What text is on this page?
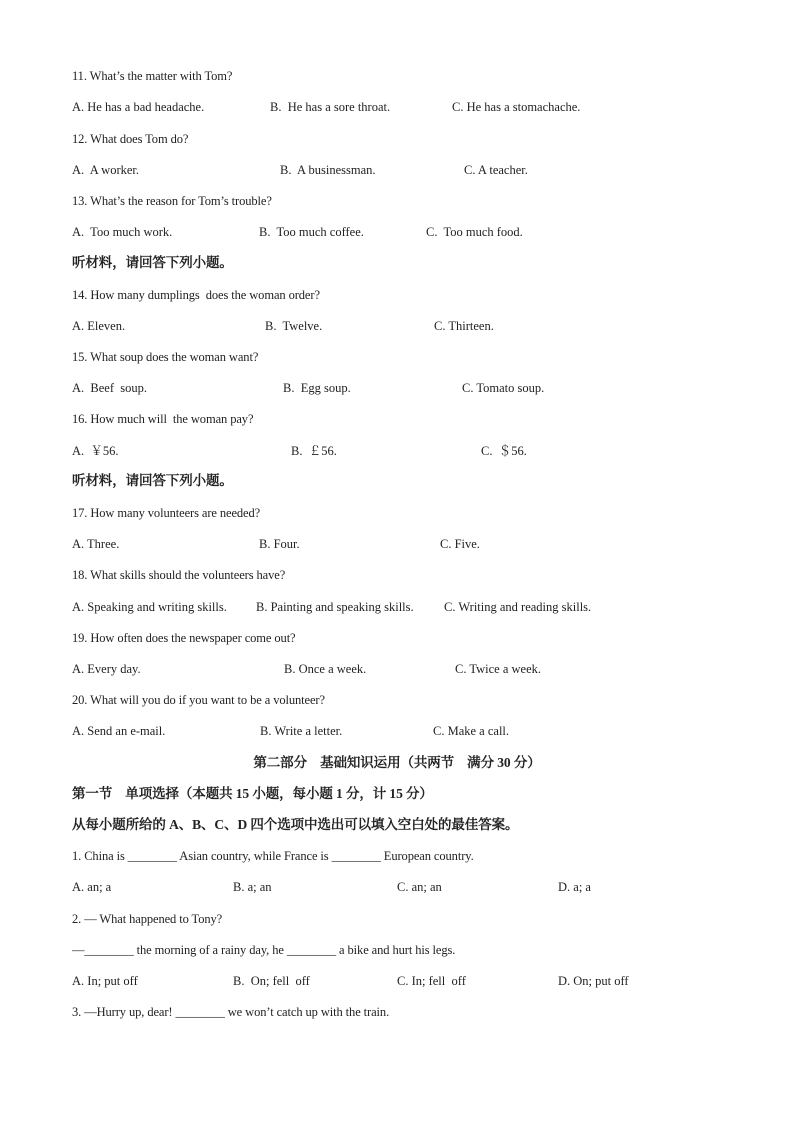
11. What’s the matter with Tom?
A. He has a bad headache.	B.  He has a sore throat.	C. He has a stomachache.
12. What does Tom do?
A.  A worker.	B.  A businessman.	C. A teacher.
13. What’s the reason for Tom’s trouble?
A.  Too much work.	B.  Too much coffee.	C.  Too much food.
听材料，请回答下列小题。
14. How many dumplings  does the woman order?
A. Eleven.	B.  Twelve.	C. Thirteen.
15. What soup does the woman want?
A.  Beef  soup.	B.  Egg soup.	C. Tomato soup.
16. How much will  the woman pay?
A.  ￥56.	B.  ￡56.	C.  ＄56.
听材料，请回答下列小题。
17. How many volunteers are needed?
A. Three.	B. Four.	C. Five.
18. What skills should the volunteers have?
A. Speaking and writing skills. B. Painting and speaking skills. C. Writing and reading skills.
19. How often does the newspaper come out?
A. Every day.	B. Once a week.	C. Twice a week.
20. What will you do if you want to be a volunteer?
A. Send an e-mail.	B. Write a letter.	C. Make a call.
第二部分    基础知识运用（共两节    满分 30 分）
第一节    单项选择（本题共 15 小题，每小题 1 分，计 15 分）
从每小题所给的 A、B、C、D 四个选项中选出可以填入空白处的最佳答案。
1. China is ________ Asian country, while France is ________ European country.
A. an; a	B. a; an	C. an; an	D. a; a
2. — What happened to Tony?
—________ the morning of a rainy day, he ________ a bike and hurt his legs.
A. In; put off	B.  On; fell  off	C. In; fell  off	D. On; put off
3. —Hurry up, dear! ________ we won’t catch up with the train.
